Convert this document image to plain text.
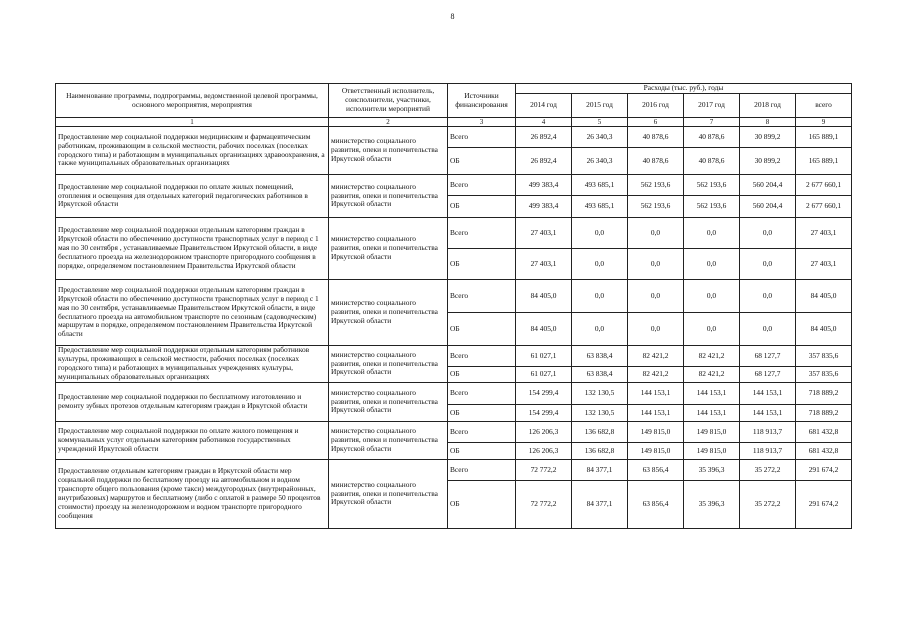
8
Наименование программы, подпрограммы, ведомственной целевой программы, основного мероприятия, мероприятия	Ответственный исполнитель, соисполнители, участники, исполнители мероприятий	Источники финансирования	Расходы (тыс. руб.), годы					
			2014 год	2015 год	2016 год	2017 год	2018 год	всего
1	2	3	4	5	6	7	8	9
Предоставление мер социальной поддержки медицинским и фармацевтическим работникам, проживающим в сельской местности, рабочих поселках (поселках городского типа) и работающим в муниципальных организациях здравоохранения, а также муниципальных образовательных организациях	министерство социального развития, опеки и попечительства Иркутской области	Всего	26 892,4	26 340,3	40 878,6	40 878,6	30 899,2	165 889,1
		ОБ	26 892,4	26 340,3	40 878,6	40 878,6	30 899,2	165 889,1
Предоставление мер социальной поддержки по оплате жилых помещений, отопления и освещения для отдельных категорий педагогических работников в Иркутской области	министерство социального развития, опеки и попечительства Иркутской области	Всего	499 383,4	493 685,1	562 193,6	562 193,6	560 204,4	2 677 660,1
		ОБ	499 383,4	493 685,1	562 193,6	562 193,6	560 204,4	2 677 660,1
Предоставление мер социальной поддержки отдельным категориям граждан в Иркутской области по обеспечению доступности транспортных услуг в период с 1 мая по 30 сентября , устанавливаемые Правительством Иркутской области, в виде бесплатного проезда на железнодорожном транспорте пригородного сообщения в порядке, определяемом постановлением Правительства Иркутской области	министерство социального развития, опеки и попечительства Иркутской области	Всего	27 403,1	0,0	0,0	0,0	0,0	27 403,1
		ОБ	27 403,1	0,0	0,0	0,0	0,0	27 403,1
Предоставление мер социальной поддержки отдельным категориям граждан в Иркутской области по обеспечению доступности транспортных услуг в период с 1 мая по 30 сентября, устанавливаемые Правительством Иркутской области, в виде бесплатного проезда на автомобильном транспорте по сезонным (садоводческим) маршрутам в порядке, определяемом постановлением Правительства Иркутской области	министерство социального развития, опеки и попечительства Иркутской области	Всего	84 405,0	0,0	0,0	0,0	0,0	84 405,0
		ОБ	84 405,0	0,0	0,0	0,0	0,0	84 405,0
Предоставление мер социальной поддержки отдельным категориям работников культуры, проживающих в сельской местности, рабочих поселках (поселках городского типа) и работающих в муниципальных учреждениях культуры, муниципальных образовательных организациях	министерство социального развития, опеки и попечительства Иркутской области	Всего	61 027,1	63 838,4	82 421,2	82 421,2	68 127,7	357 835,6
		ОБ	61 027,1	63 838,4	82 421,2	82 421,2	68 127,7	357 835,6
Предоставление мер социальной поддержки по бесплатному изготовлению и ремонту зубных протезов отдельным категориям граждан в Иркутской области	министерство социального развития, опеки и попечительства Иркутской области	Всего	154 299,4	132 130,5	144 153,1	144 153,1	144 153,1	718 889,2
		ОБ	154 299,4	132 130,5	144 153,1	144 153,1	144 153,1	718 889,2
Предоставление мер социальной поддержки по оплате жилого помещения и коммунальных услуг отдельным категориям работников государственных учреждений Иркутской области	министерство социального развития, опеки и попечительства Иркутской области	Всего	126 206,3	136 682,8	149 815,0	149 815,0	118 913,7	681 432,8
		ОБ	126 206,3	136 682,8	149 815,0	149 815,0	118 913,7	681 432,8
Предоставление отдельным категориям граждан в Иркутской области мер социальной поддержки по бесплатному проезду на автомобильном и водном транспорте общего пользования (кроме такси) междугородных (внутрирайонных, внутрибазовых) маршрутов и бесплатному (либо с оплатой в размере 50 процентов стоимости) проезду на железнодорожном и водном транспорте пригородного сообщения	министерство социального развития, опеки и попечительства Иркутской области	Всего	72 772,2	84 377,1	63 856,4	35 396,3	35 272,2	291 674,2
		ОБ	72 772,2	84 377,1	63 856,4	35 396,3	35 272,2	291 674,2
